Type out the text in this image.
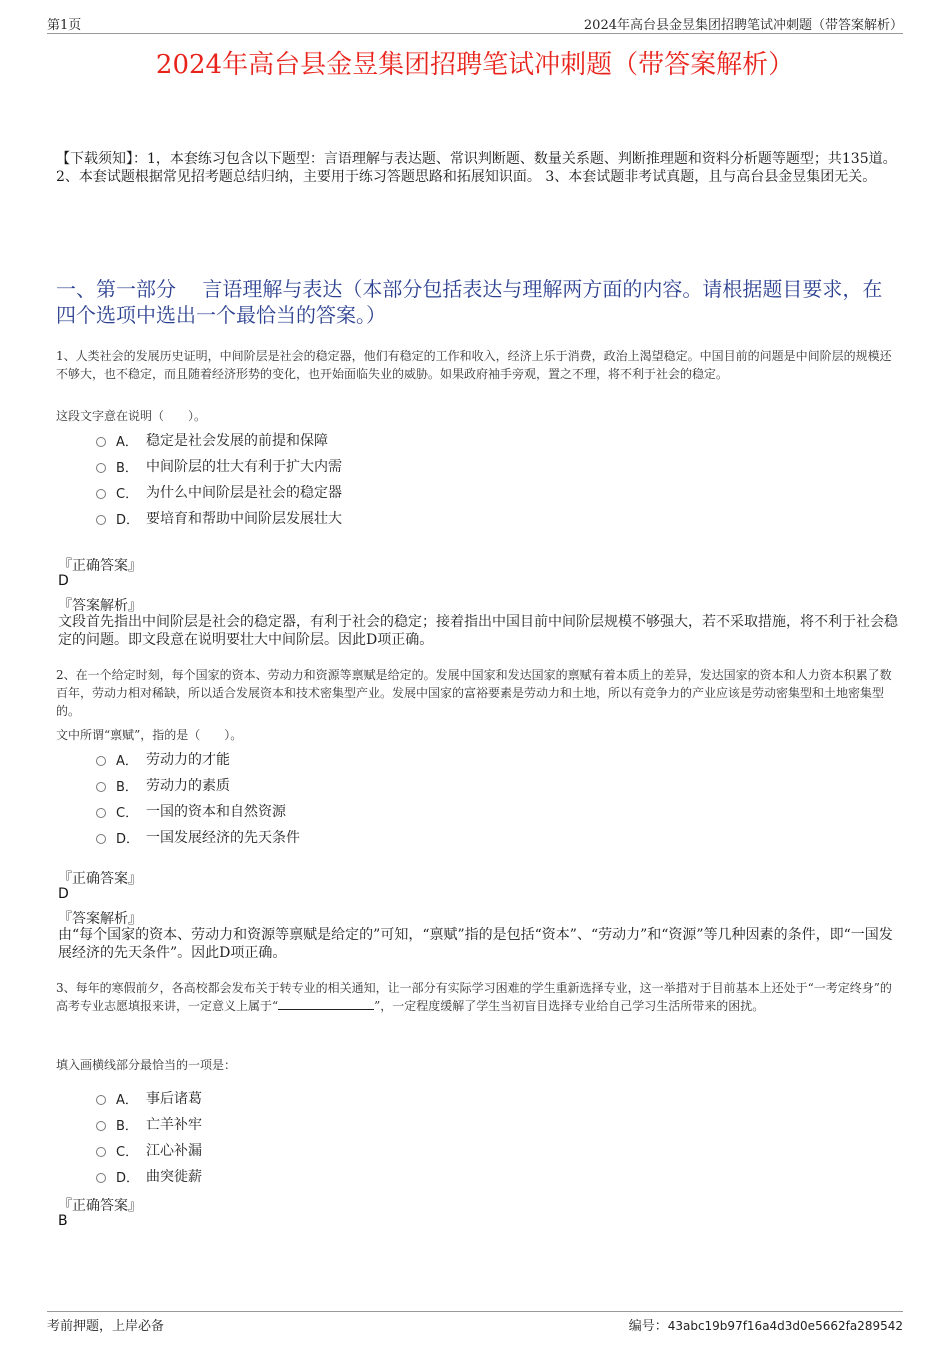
第1页	2024年高台县金昱集团招聘笔试冲刺题（带答案解析）
2024年高台县金昱集团招聘笔试冲刺题（带答案解析）
【下载须知】：1，本套练习包含以下题型：言语理解与表达题、常识判断题、数量关系题、判断推理题和资料分析题等题型；共135道。 2、本套试题根据常见招考题总结归纳，主要用于练习答题思路和拓展知识面。 3、本套试题非考试真题，且与高台县金昱集团无关。
一、第一部分　 言语理解与表达（本部分包括表达与理解两方面的内容。请根据题目要求，在四个选项中选出一个最恰当的答案。）
1、人类社会的发展历史证明，中间阶层是社会的稳定器，他们有稳定的工作和收入，经济上乐于消费，政治上渴望稳定。中国目前的问题是中间阶层的规模还不够大，也不稳定，而且随着经济形势的变化，也开始面临失业的威胁。如果政府袖手旁观，置之不理，将不利于社会的稳定。
这段文字意在说明（　　）。
A． 稳定是社会发展的前提和保障
B． 中间阶层的壮大有利于扩大内需
C． 为什么中间阶层是社会的稳定器
D． 要培育和帮助中间阶层发展壮大
『正确答案』
D
『答案解析』
文段首先指出中间阶层是社会的稳定器，有利于社会的稳定；接着指出中国目前中间阶层规模不够强大，若不采取措施，将不利于社会稳定的问题。即文段意在说明要壮大中间阶层。因此D项正确。
2、在一个给定时刻，每个国家的资本、劳动力和资源等禀赋是给定的。发展中国家和发达国家的禀赋有着本质上的差异，发达国家的资本和人力资本积累了数百年，劳动力相对稀缺，所以适合发展资本和技术密集型产业。发展中国家的富裕要素是劳动力和土地，所以有竞争力的产业应该是劳动密集型和土地密集型的。
文中所谓“禀赋”，指的是（　　）。
A． 劳动力的才能
B． 劳动力的素质
C． 一国的资本和自然资源
D． 一国发展经济的先天条件
『正确答案』
D
『答案解析』
由“每个国家的资本、劳动力和资源等禀赋是给定的”可知，“禀赋”指的是包括“资本”、“劳动力”和“资源”等几种因素的条件，即“一国发展经济的先天条件”。因此D项正确。
3、每年的寒假前夕，各高校都会发布关于转专业的相关通知，让一部分有实际学习困难的学生重新选择专业，这一举措对于目前基本上还处于“一考定终身”的高考专业志愿填报来讲，一定意义上属于“	”，一定程度缓解了学生当初盲目选择专业给自己学习生活所带来的困扰。
填入画横线部分最恰当的一项是：
A． 事后诸葛
B． 亡羊补牢
C． 江心补漏
D． 曲突徙薪
『正确答案』
B
考前押题，上岸必备	编号：43abc19b97f16a4d3d0e5662fa289542
